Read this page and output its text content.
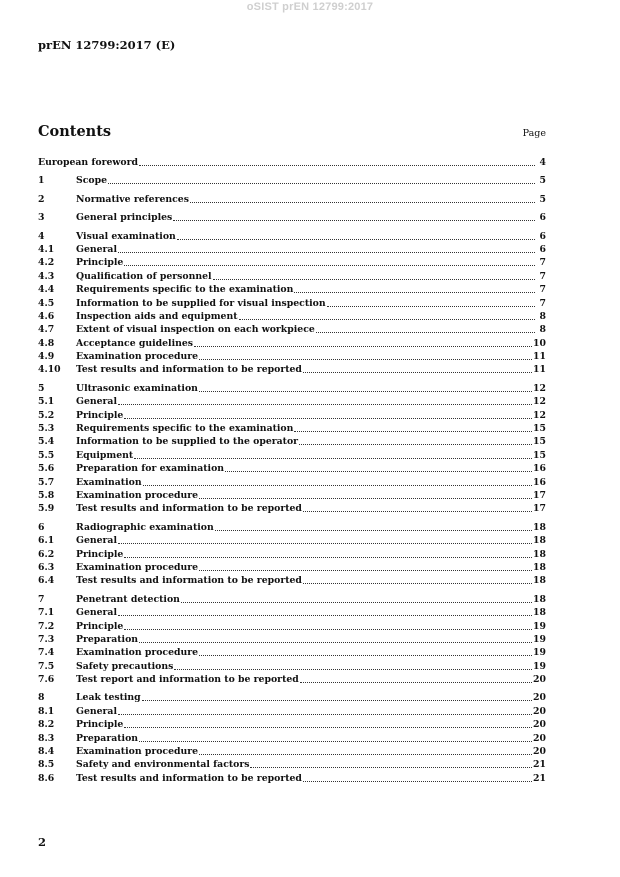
oSIST prEN 12799:2017
prEN 12799:2017 (E)
Contents	Page
European foreword	4
1	Scope	5
2	Normative references	5
3	General principles	6
4	Visual examination	6
4.1	General	6
4.2	Principle	7
4.3	Qualification of personnel	7
4.4	Requirements specific to the examination	7
4.5	Information to be supplied for visual inspection	7
4.6	Inspection aids and equipment	8
4.7	Extent of visual inspection on each workpiece	8
4.8	Acceptance guidelines	10
4.9	Examination procedure	11
4.10	Test results and information to be reported	11
5	Ultrasonic examination	12
5.1	General	12
5.2	Principle	12
5.3	Requirements specific to the examination	15
5.4	Information to be supplied to the operator	15
5.5	Equipment	15
5.6	Preparation for examination	16
5.7	Examination	16
5.8	Examination procedure	17
5.9	Test results and information to be reported	17
6	Radiographic examination	18
6.1	General	18
6.2	Principle	18
6.3	Examination procedure	18
6.4	Test results and information to be reported	18
7	Penetrant detection	18
7.1	General	18
7.2	Principle	19
7.3	Preparation	19
7.4	Examination procedure	19
7.5	Safety precautions	19
7.6	Test report and information to be reported	20
8	Leak testing	20
8.1	General	20
8.2	Principle	20
8.3	Preparation	20
8.4	Examination procedure	20
8.5	Safety and environmental factors	21
8.6	Test results and information to be reported	21
2
